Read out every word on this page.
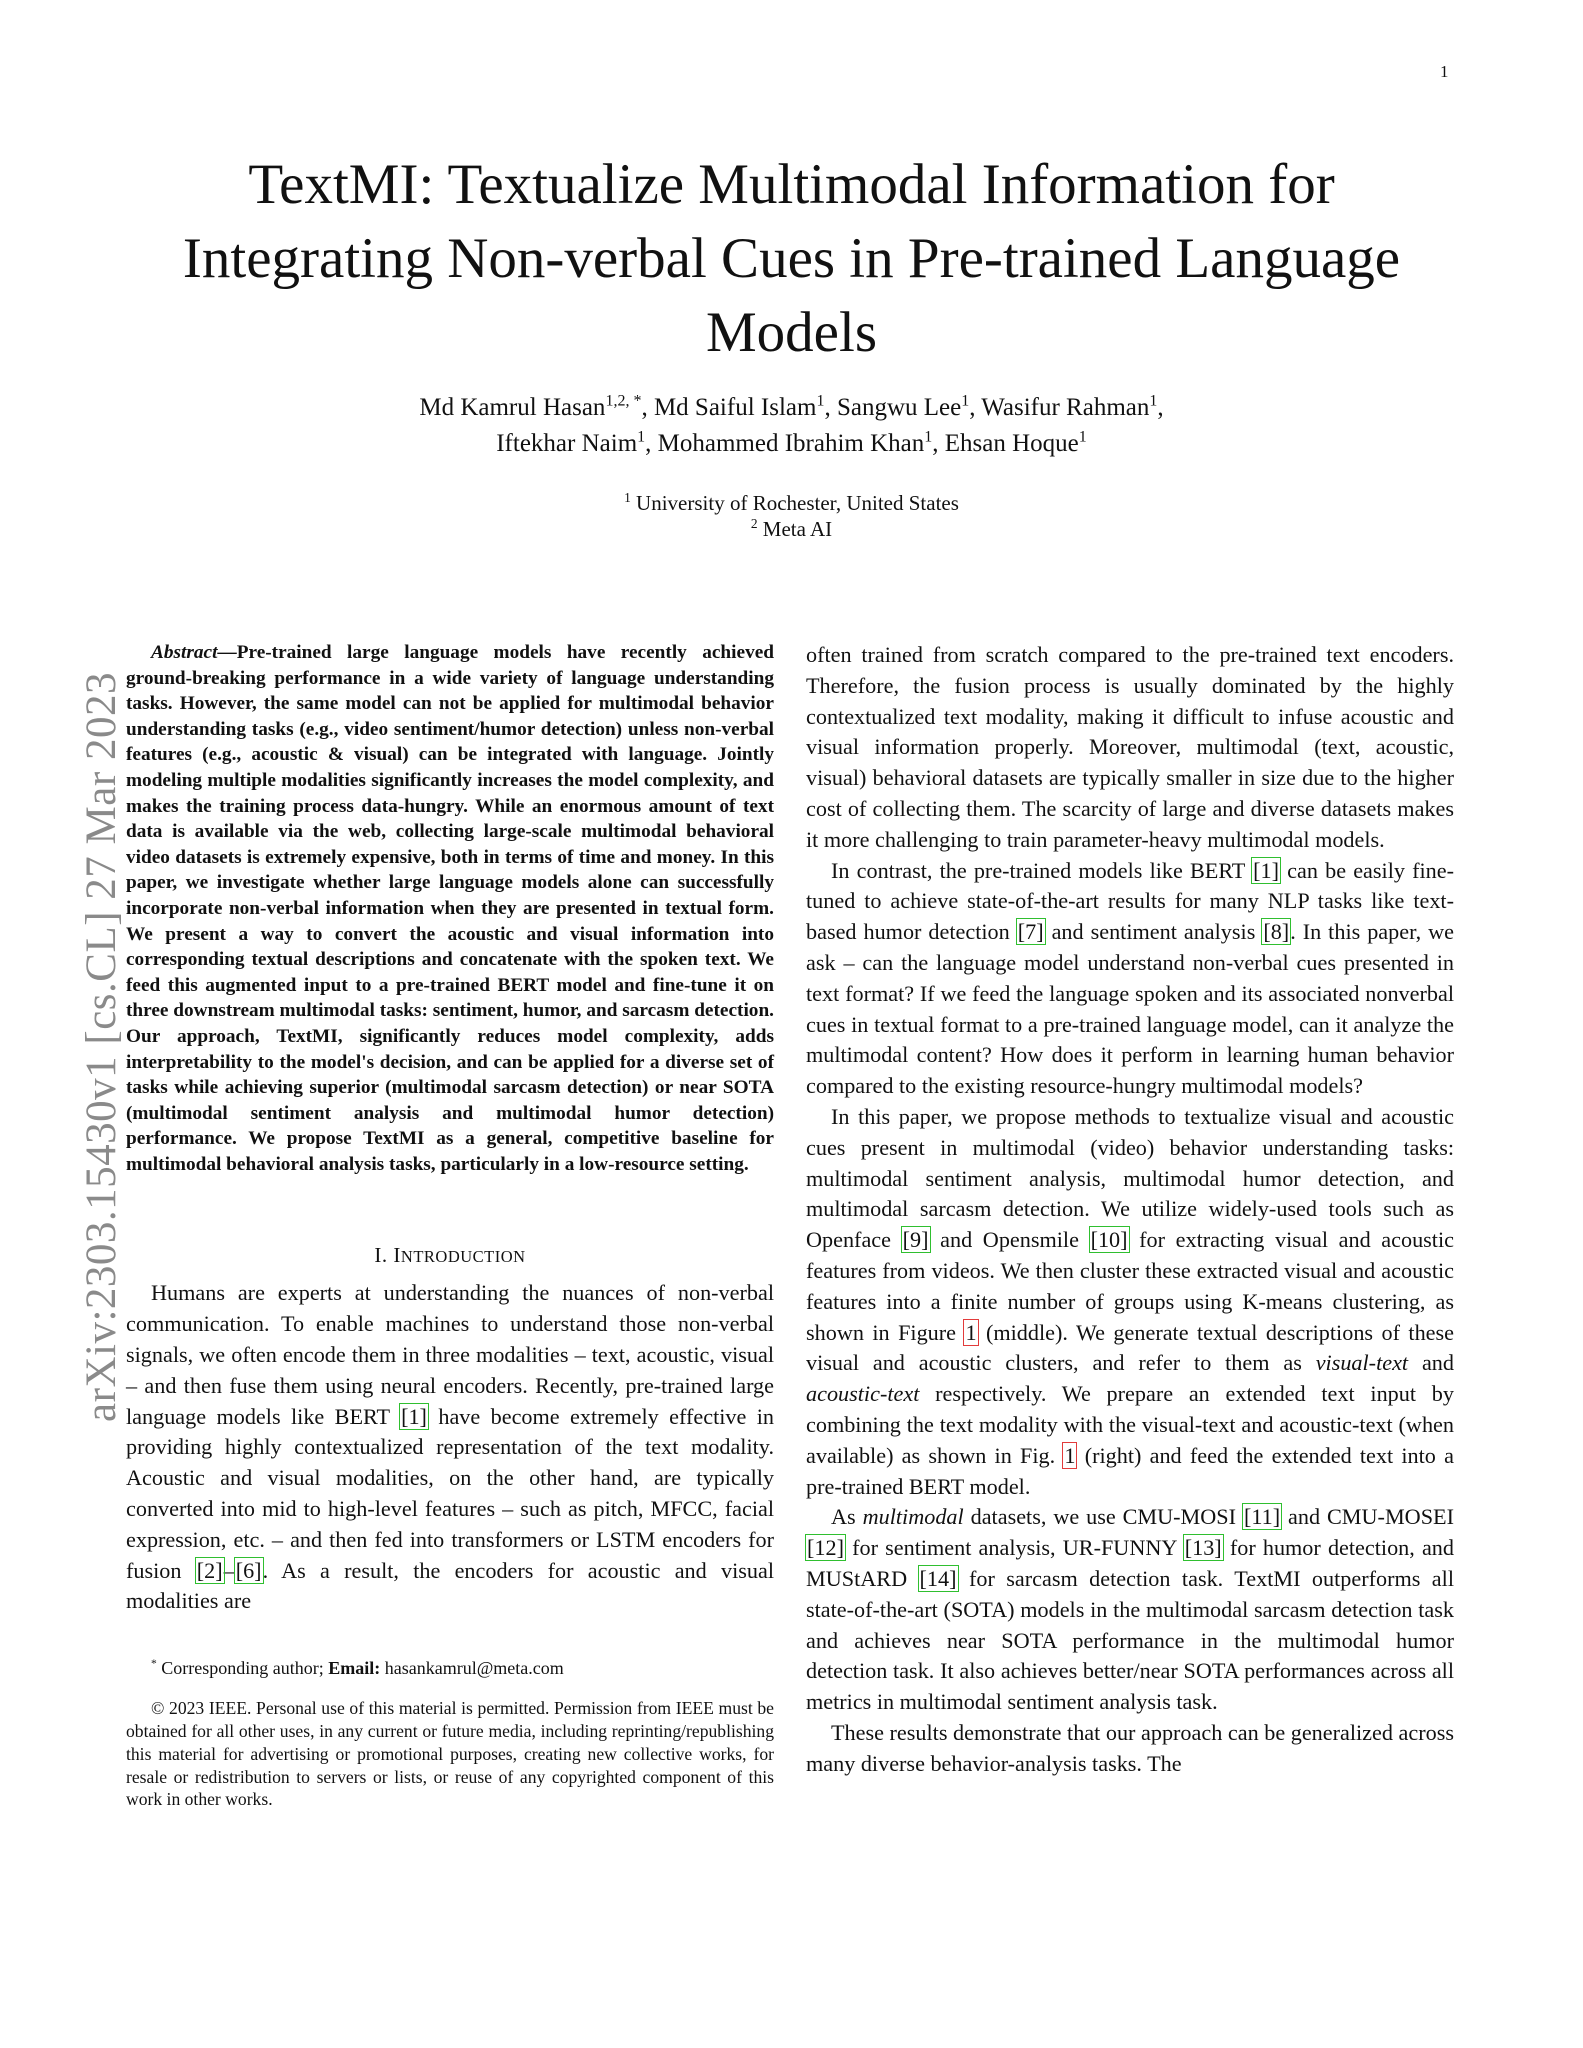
1
arXiv:2303.15430v1 [cs.CL] 27 Mar 2023
TextMI: Textualize Multimodal Information for Integrating Non-verbal Cues in Pre-trained Language Models
Md Kamrul Hasan$^{1,2, *}$, Md Saiful Islam$^1$, Sangwu Lee$^1$, Wasifur Rahman$^1$,
Iftekhar Naim$^1$, Mohammed Ibrahim Khan$^1$, Ehsan Hoque$^1$
$^1$ University of Rochester, United States
$^2$ Meta AI

Abstract—Pre-trained large language models have recently achieved ground-breaking performance in a wide variety of language understanding tasks. However, the same model can not be applied for multimodal behavior understanding tasks (e.g., video sentiment/humor detection) unless non-verbal features (e.g., acoustic & visual) can be integrated with language. Jointly modeling multiple modalities significantly increases the model complexity, and makes the training process data-hungry. While an enormous amount of text data is available via the web, collecting large-scale multimodal behavioral video datasets is extremely expensive, both in terms of time and money. In this paper, we investigate whether large language models alone can successfully incorporate non-verbal information when they are presented in textual form. We present a way to convert the acoustic and visual information into corresponding textual descriptions and concatenate with the spoken text. We feed this augmented input to a pre-trained BERT model and fine-tune it on three downstream multimodal tasks: sentiment, humor, and sarcasm detection. Our approach, TextMI, significantly reduces model complexity, adds interpretability to the model's decision, and can be applied for a diverse set of tasks while achieving superior (multimodal sarcasm detection) or near SOTA (multimodal sentiment analysis and multimodal humor detection) performance. We propose TextMI as a general, competitive baseline for multimodal behavioral analysis tasks, particularly in a low-resource setting.

I. INTRODUCTION

Humans are experts at understanding the nuances of non-verbal communication. To enable machines to understand those non-verbal signals, we often encode them in three modalities – text, acoustic, visual – and then fuse them using neural encoders. Recently, pre-trained large language models like BERT [1] have become extremely effective in providing highly contextualized representation of the text modality. Acoustic and visual modalities, on the other hand, are typically converted into mid to high-level features – such as pitch, MFCC, facial expression, etc. – and then fed into transformers or LSTM encoders for fusion [2]–[6]. As a result, the encoders for acoustic and visual modalities are

* Corresponding author; Email: hasankamrul@meta.com

© 2023 IEEE. Personal use of this material is permitted. Permission from IEEE must be obtained for all other uses, in any current or future media, including reprinting/republishing this material for advertising or promotional purposes, creating new collective works, for resale or redistribution to servers or lists, or reuse of any copyrighted component of this work in other works.

often trained from scratch compared to the pre-trained text encoders. Therefore, the fusion process is usually dominated by the highly contextualized text modality, making it difficult to infuse acoustic and visual information properly. Moreover, multimodal (text, acoustic, visual) behavioral datasets are typically smaller in size due to the higher cost of collecting them. The scarcity of large and diverse datasets makes it more challenging to train parameter-heavy multimodal models.

In contrast, the pre-trained models like BERT [1] can be easily fine-tuned to achieve state-of-the-art results for many NLP tasks like text-based humor detection [7] and sentiment analysis [8]. In this paper, we ask – can the language model understand non-verbal cues presented in text format? If we feed the language spoken and its associated nonverbal cues in textual format to a pre-trained language model, can it analyze the multimodal content? How does it perform in learning human behavior compared to the existing resource-hungry multimodal models?

In this paper, we propose methods to textualize visual and acoustic cues present in multimodal (video) behavior understanding tasks: multimodal sentiment analysis, multimodal humor detection, and multimodal sarcasm detection. We utilize widely-used tools such as Openface [9] and Opensmile [10] for extracting visual and acoustic features from videos. We then cluster these extracted visual and acoustic features into a finite number of groups using K-means clustering, as shown in Figure 1 (middle). We generate textual descriptions of these visual and acoustic clusters, and refer to them as visual-text and acoustic-text respectively. We prepare an extended text input by combining the text modality with the visual-text and acoustic-text (when available) as shown in Fig. 1 (right) and feed the extended text into a pre-trained BERT model.

As multimodal datasets, we use CMU-MOSI [11] and CMU-MOSEI [12] for sentiment analysis, UR-FUNNY [13] for humor detection, and MUStARD [14] for sarcasm detection task. TextMI outperforms all state-of-the-art (SOTA) models in the multimodal sarcasm detection task and achieves near SOTA performance in the multimodal humor detection task. It also achieves better/near SOTA performances across all metrics in multimodal sentiment analysis task.

These results demonstrate that our approach can be generalized across many diverse behavior-analysis tasks. The
